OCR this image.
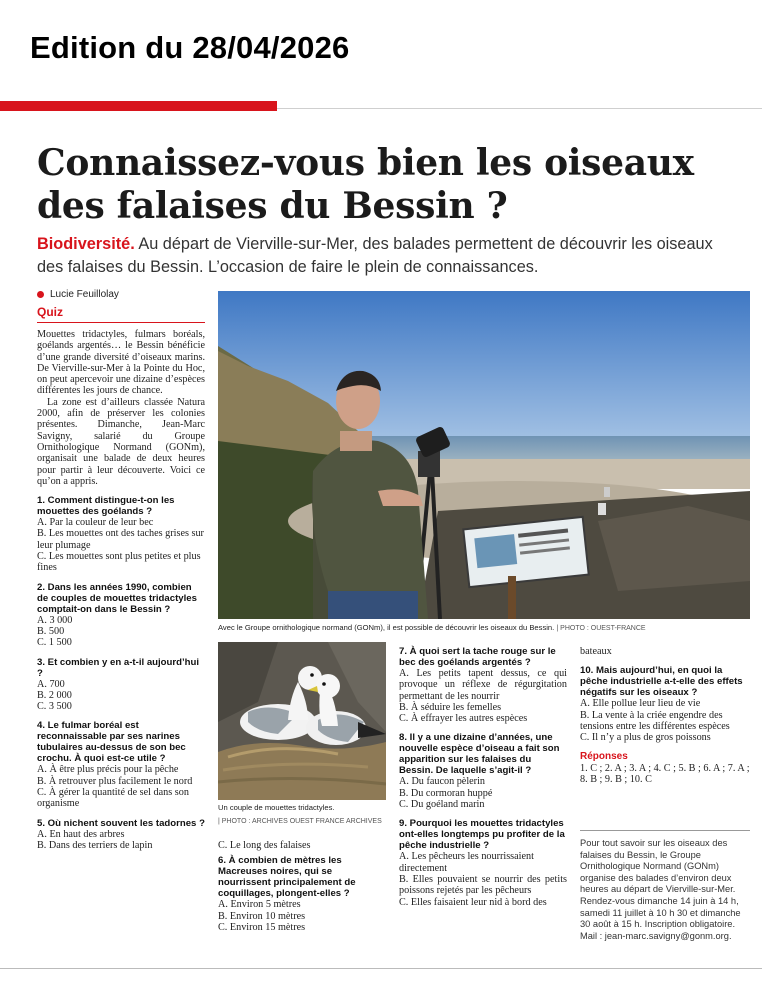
Edition du 28/04/2026
Connaissez-vous bien les oiseaux des falaises du Bessin ?
Biodiversité. Au départ de Vierville-sur-Mer, des balades permettent de découvrir les oiseaux des falaises du Bessin. L’occasion de faire le plein de connaissances.
Lucie Feuillolay
Quiz

Mouettes tridactyles, fulmars boréals, goélands argentés… le Bessin bénéficie d’une grande diversité d’oiseaux marins. De Vierville-sur-Mer à la Pointe du Hoc, on peut apercevoir une dizaine d’espèces différentes les jours de chance.

La zone est d’ailleurs classée Natura 2000, afin de préserver les colonies présentes. Dimanche, Jean-Marc Savigny, salarié du Groupe Ornithologique Normand (GONm), organisait une balade de deux heures pour partir à leur découverte. Voici ce qu’on a appris.

1. Comment distingue-t-on les mouettes des goélands ?

A. Par la couleur de leur bec

B. Les mouettes ont des taches grises sur leur plumage

C. Les mouettes sont plus petites et plus fines

2. Dans les années 1990, combien de couples de mouettes tridactyles comptait-on dans le Bessin ?

A. 3 000

B. 500

C. 1 500

3. Et combien y en a-t-il aujourd’hui ?

A. 700

B. 2 000

C. 3 500

4. Le fulmar boréal est reconnaissable par ses narines tubulaires au-dessus de son bec crochu. À quoi est-ce utile ?

A. À être plus précis pour la pêche

B. À retrouver plus facilement le nord

C. À gérer la quantité de sel dans son organisme

5. Où nichent souvent les tadornes ?

A. En haut des arbres

B. Dans des terriers de lapin

Avec le Groupe ornithologique normand (GONm), il est possible de découvrir les oiseaux du Bessin. | PHOTO : OUEST-FRANCE
Un couple de mouettes tridactyles.
| PHOTO : ARCHIVES OUEST FRANCE ARCHIVES

C. Le long des falaises

6. À combien de mètres les Macreuses noires, qui se nourrissent principalement de coquillages, plongent-elles ?

A. Environ 5 mètres

B. Environ 10 mètres

C. Environ 15 mètres

7. À quoi sert la tache rouge sur le bec des goélands argentés ?

A. Les petits tapent dessus, ce qui provoque un réflexe de régurgitation permettant de les nourrir

B. À séduire les femelles

C. À effrayer les autres espèces

8. Il y a une dizaine d’années, une nouvelle espèce d’oiseau a fait son apparition sur les falaises du Bessin. De laquelle s’agit-il ?

A. Du faucon pèlerin

B. Du cormoran huppé

C. Du goéland marin

9. Pourquoi les mouettes tridactyles ont-elles longtemps pu profiter de la pêche industrielle ?

A. Les pêcheurs les nourrissaient directement

B. Elles pouvaient se nourrir des petits poissons rejetés par les pêcheurs

C. Elles faisaient leur nid à bord des

bateaux

10. Mais aujourd’hui, en quoi la pêche industrielle a-t-elle des effets négatifs sur les oiseaux ?

A. Elle pollue leur lieu de vie

B. La vente à la criée engendre des tensions entre les différentes espèces

C. Il n’y a plus de gros poissons

Réponses

1. C ; 2. A ; 3. A ; 4. C ; 5. B ; 6. A ; 7. A ; 8. B ; 9. B ; 10. C

Pour tout savoir sur les oiseaux des falaises du Bessin, le Groupe Ornithologique Normand (GONm) organise des balades d’environ deux heures au départ de Vierville-sur-Mer. Rendez-vous dimanche 14 juin à 14 h, samedi 11 juillet à 10 h 30 et dimanche 30 août à 15 h. Inscription obligatoire. Mail : jean-marc.savigny@gonm.org.
